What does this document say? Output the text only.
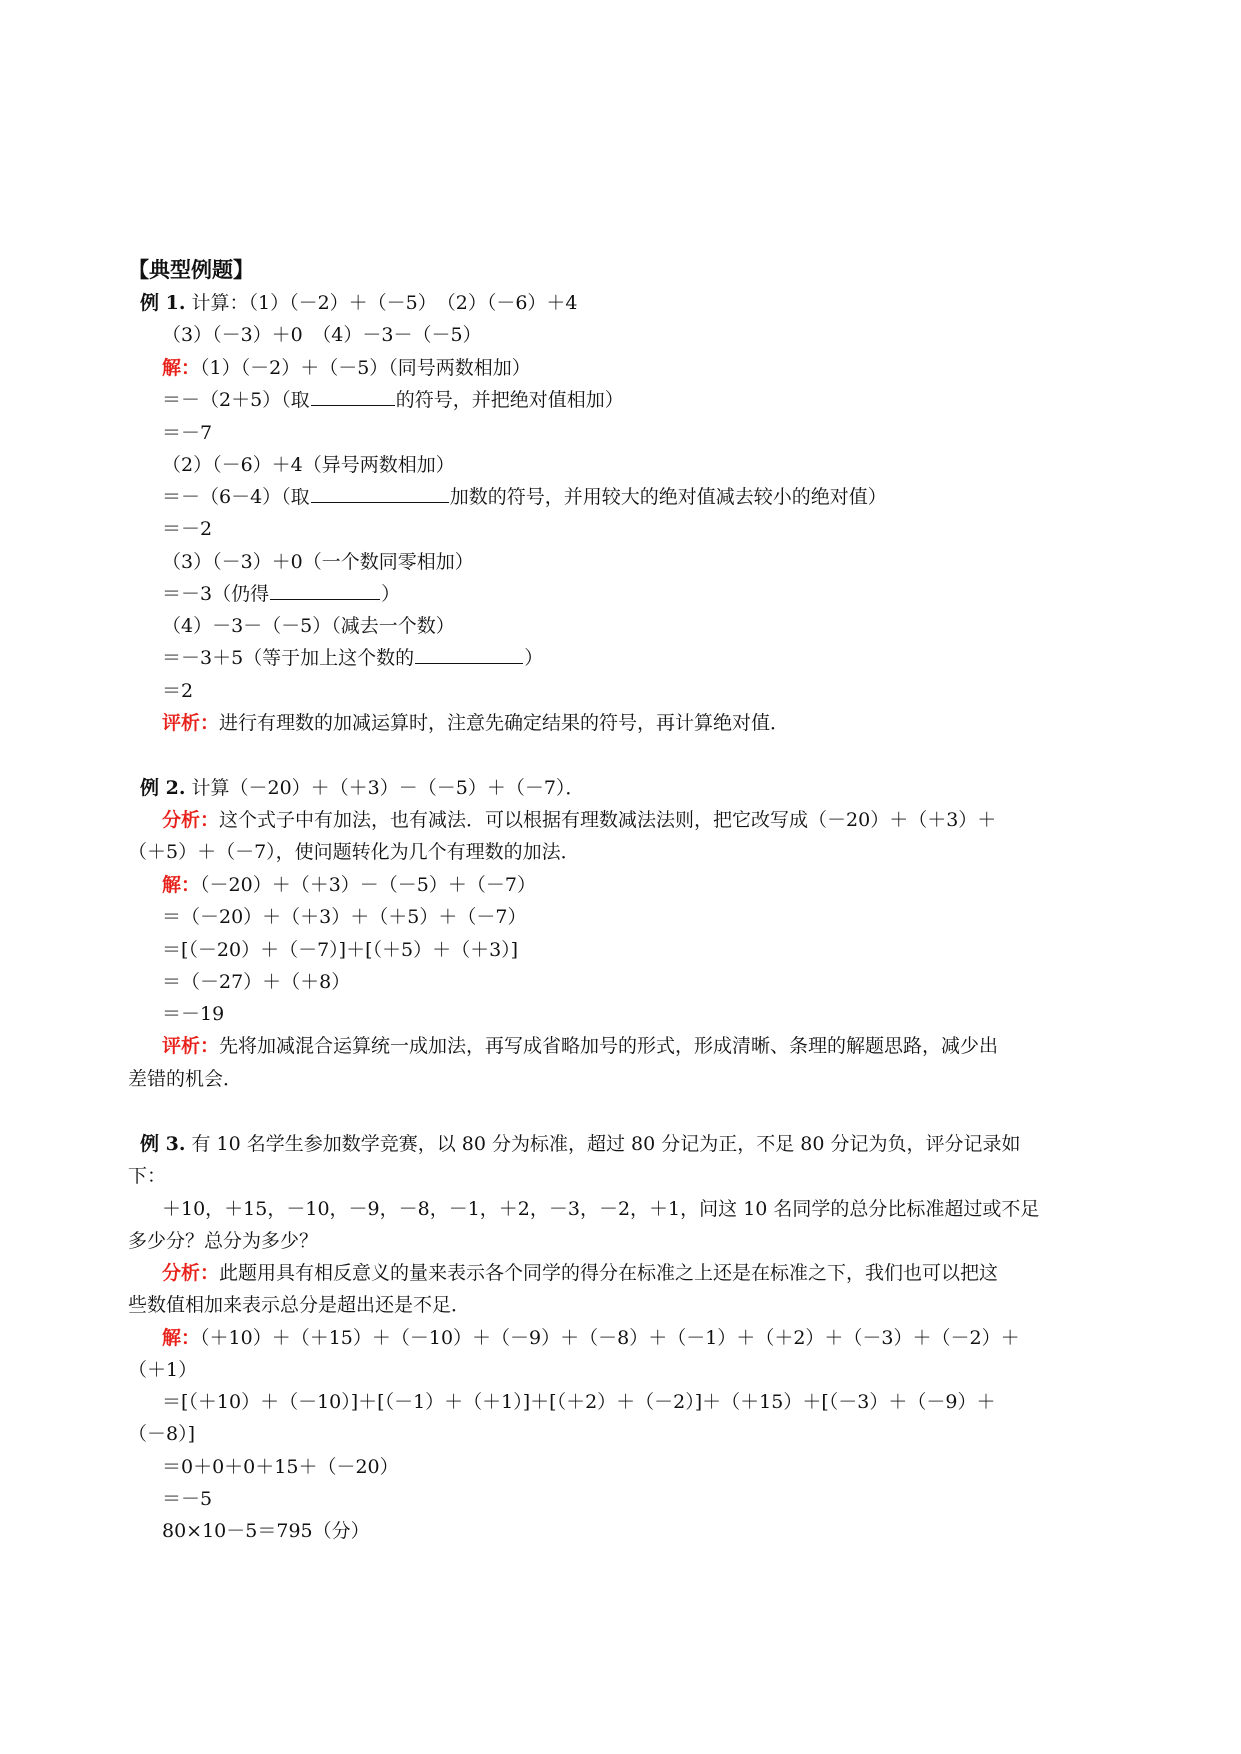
【典型例题】
例 1. 计算：（1）（－2）＋（－5）　（2）（－6）＋4
（3）（－3）＋0　（4）－3－（－5）
解：（1）（－2）＋（－5）（同号两数相加）
＝－（2＋5）（取	的符号，并把绝对值相加）
＝－7
（2）（－6）＋4（异号两数相加）
＝－（6－4）（取	加数的符号，并用较大的绝对值减去较小的绝对值）
＝－2
（3）（－3）＋0（一个数同零相加）
＝－3（仍得	）
（4）－3－（－5）（减去一个数）
＝－3＋5（等于加上这个数的	）
＝2
评析：进行有理数的加减运算时，注意先确定结果的符号，再计算绝对值．
例 2. 计算（－20）＋（＋3）－（－5）＋（－7）．
分析：这个式子中有加法，也有减法．可以根据有理数减法法则，把它改写成（－20）＋（＋3）＋
（＋5）＋（－7），使问题转化为几个有理数的加法．
解：（－20）＋（＋3）－（－5）＋（－7）
＝（－20）＋（＋3）＋（＋5）＋（－7）
＝[（－20）＋（－7）]＋[（＋5）＋（＋3）]
＝（－27）＋（＋8）
＝－19
评析：先将加减混合运算统一成加法，再写成省略加号的形式，形成清晰、条理的解题思路，减少出
差错的机会．
例 3. 有 10 名学生参加数学竞赛，以 80 分为标准，超过 80 分记为正，不足 80 分记为负，评分记录如
下：
＋10，＋15，－10，－9，－8，－1，＋2，－3，－2，＋1，问这 10 名同学的总分比标准超过或不足
多少分？总分为多少？
分析：此题用具有相反意义的量来表示各个同学的得分在标准之上还是在标准之下，我们也可以把这
些数值相加来表示总分是超出还是不足．
解：（＋10）＋（＋15）＋（－10）＋（－9）＋（－8）＋（－1）＋（＋2）＋（－3）＋（－2）＋
（＋1）
＝[（＋10）＋（－10）]＋[（－1）＋（＋1）]＋[（＋2）＋（－2）]＋（＋15）＋[（－3）＋（－9）＋
（－8）]
＝0＋0＋0＋15＋（－20）
＝－5
80×10－5＝795（分）
